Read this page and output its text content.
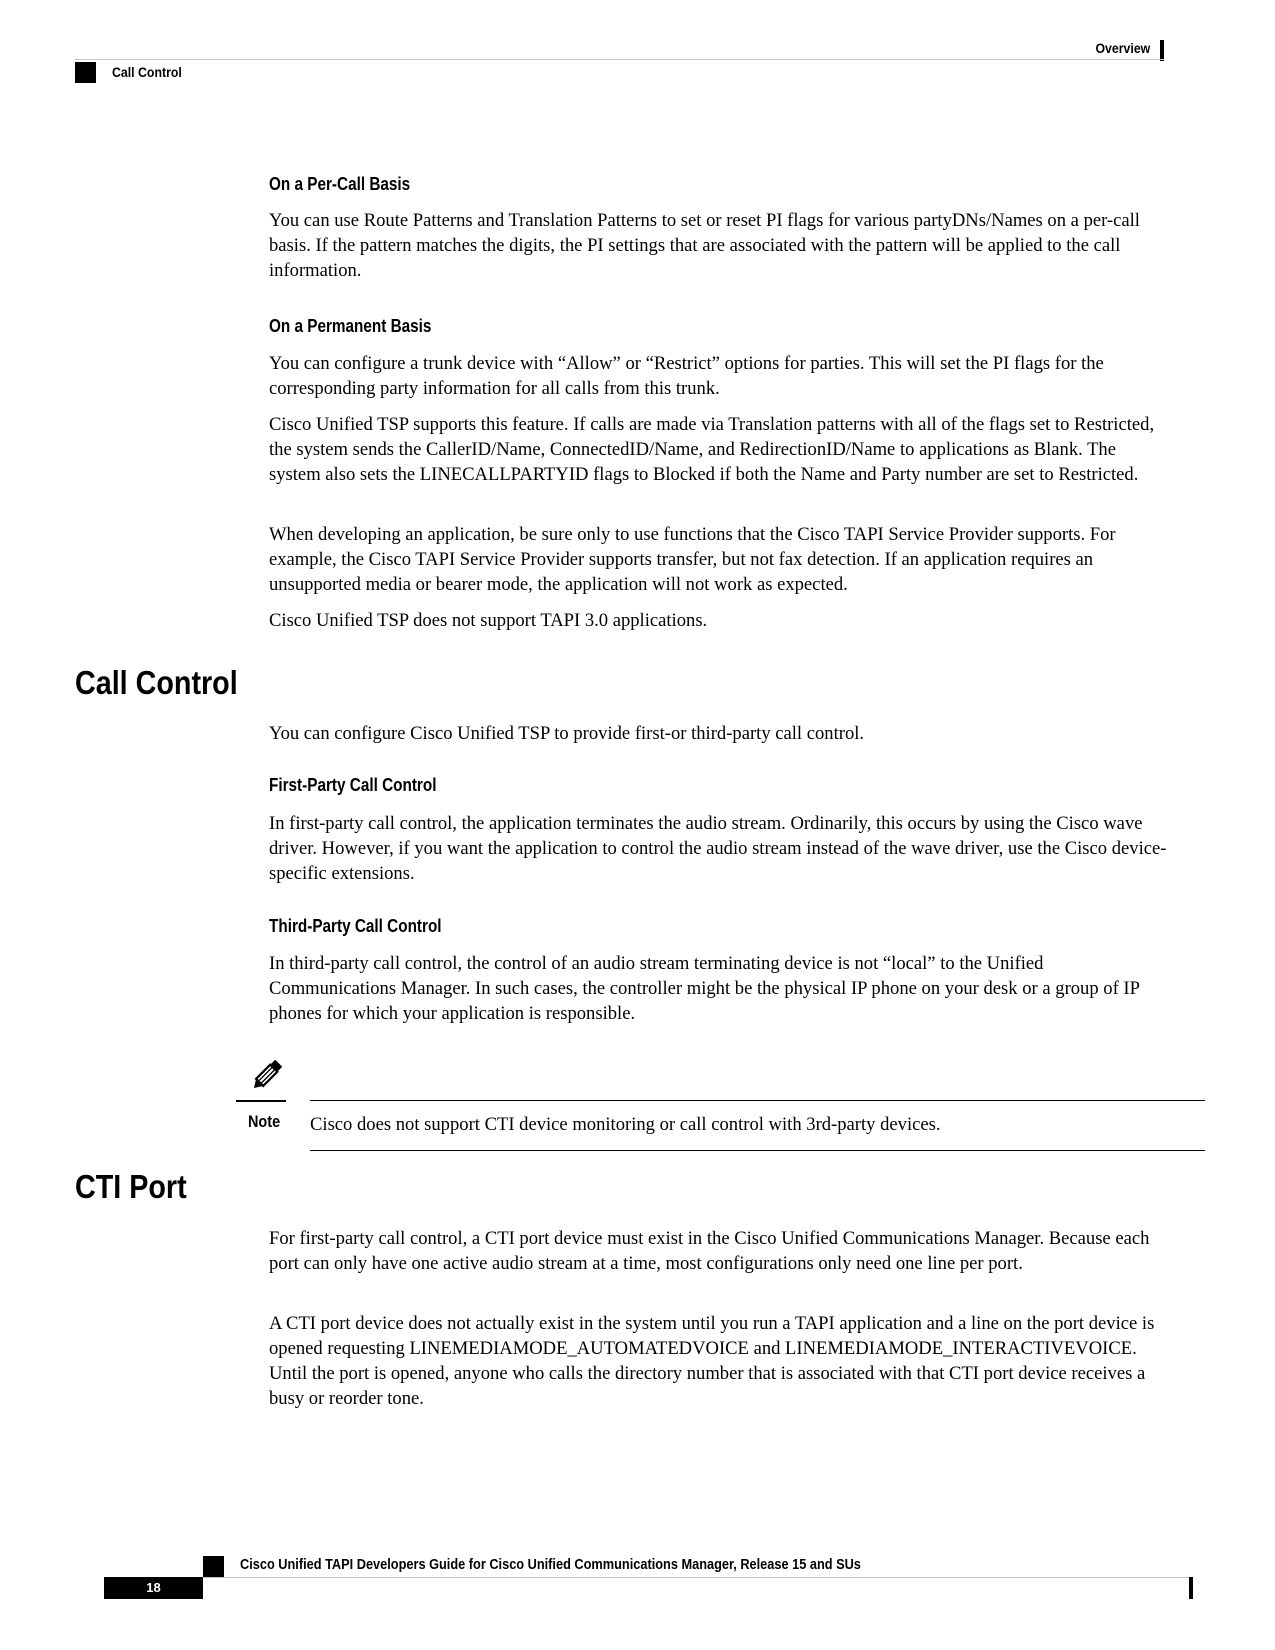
Overview
Call Control
On a Per-Call Basis

You can use Route Patterns and Translation Patterns to set or reset PI flags for various partyDNs/Names on a per-call basis. If the pattern matches the digits, the PI settings that are associated with the pattern will be applied to the call information.

On a Permanent Basis

You can configure a trunk device with “Allow” or “Restrict” options for parties. This will set the PI flags for the corresponding party information for all calls from this trunk.

Cisco Unified TSP supports this feature. If calls are made via Translation patterns with all of the flags set to Restricted, the system sends the CallerID/Name, ConnectedID/Name, and RedirectionID/Name to applications as Blank. The system also sets the LINECALLPARTYID flags to Blocked if both the Name and Party number are set to Restricted.

When developing an application, be sure only to use functions that the Cisco TAPI Service Provider supports. For example, the Cisco TAPI Service Provider supports transfer, but not fax detection. If an application requires an unsupported media or bearer mode, the application will not work as expected.

Cisco Unified TSP does not support TAPI 3.0 applications.

Call Control

You can configure Cisco Unified TSP to provide first-or third-party call control.

First-Party Call Control

In first-party call control, the application terminates the audio stream. Ordinarily, this occurs by using the Cisco wave driver. However, if you want the application to control the audio stream instead of the wave driver, use the Cisco device-specific extensions.

Third-Party Call Control

In third-party call control, the control of an audio stream terminating device is not “local” to the Unified Communications Manager. In such cases, the controller might be the physical IP phone on your desk or a group of IP phones for which your application is responsible.

Note Cisco does not support CTI device monitoring or call control with 3rd-party devices.
CTI Port

For first-party call control, a CTI port device must exist in the Cisco Unified Communications Manager. Because each port can only have one active audio stream at a time, most configurations only need one line per port.

A CTI port device does not actually exist in the system until you run a TAPI application and a line on the port device is opened requesting LINEMEDIAMODE_AUTOMATEDVOICE and LINEMEDIAMODE_INTERACTIVEVOICE. Until the port is opened, anyone who calls the directory number that is associated with that CTI port device receives a busy or reorder tone.

Cisco Unified TAPI Developers Guide for Cisco Unified Communications Manager, Release 15 and SUs
18
